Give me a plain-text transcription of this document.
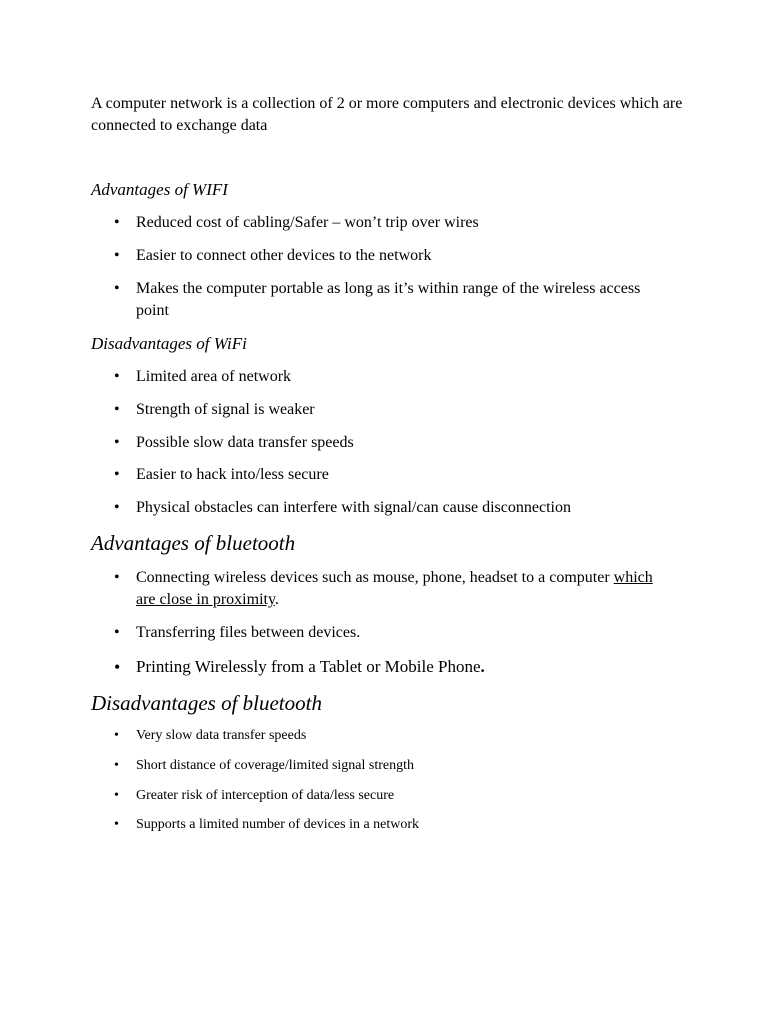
A computer network is a collection of 2 or more computers and electronic devices which are connected to exchange data

Advantages of WIFI
•	Reduced cost of cabling/Safer – won’t trip over wires
•	Easier to connect other devices to the network
•	Makes the computer portable as long as it’s within range of the wireless access point
Disadvantages of WiFi
•	Limited area of network
•	Strength of signal is weaker
•	Possible slow data transfer speeds
•	Easier to hack into/less secure
•	Physical obstacles can interfere with signal/can cause disconnection
Advantages of bluetooth
•	Connecting wireless devices such as mouse, phone, headset to a computer which are close in proximity.
•	Transferring files between devices.
• Printing Wirelessly from a Tablet or Mobile Phone.
Disadvantages of bluetooth
•	Very slow data transfer speeds
•	Short distance of coverage/limited signal strength
•	Greater risk of interception of data/less secure
•	Supports a limited number of devices in a network
